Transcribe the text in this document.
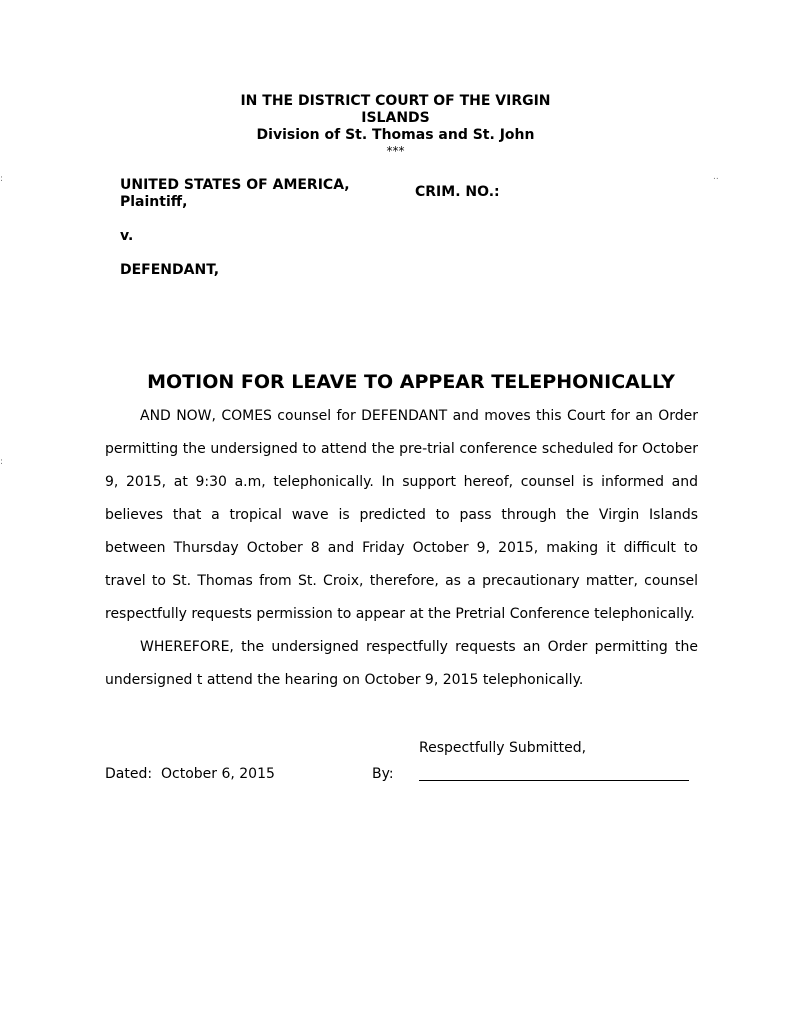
IN THE DISTRICT COURT OF THE VIRGIN
ISLANDS
Division of St. Thomas and St. John
***
:	..
:
UNITED STATES OF AMERICA,
Plaintiff,
v.
DEFENDANT,
CRIM. NO.:
MOTION FOR LEAVE TO APPEAR TELEPHONICALLY

AND NOW, COMES counsel for DEFENDANT and moves this Court for an Order permitting the undersigned to attend the pre-trial conference scheduled for October 9, 2015, at 9:30 a.m, telephonically. In support hereof, counsel is informed and believes that a tropical wave is predicted to pass through the Virgin Islands between Thursday October 8 and Friday October 9, 2015, making it difficult to travel to St. Thomas from St. Croix, therefore, as a precautionary matter, counsel respectfully requests permission to appear at the Pretrial Conference telephonically.

WHEREFORE, the undersigned respectfully requests an Order permitting the undersigned t attend the hearing on October 9, 2015 telephonically.

Respectfully Submitted,
Dated: October 6, 2015	By:
